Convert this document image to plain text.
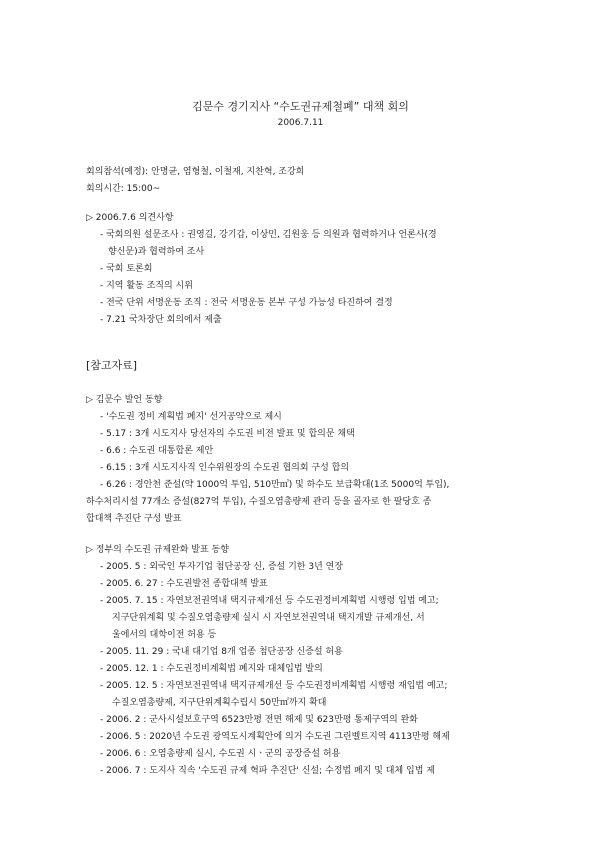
김문수 경기지사 “수도권규제철폐” 대책 회의
2006.7.11
회의참석(예정): 안명균, 염형철, 이철재, 지찬혁, 조강희
회의시간: 15:00~
▷ 2006.7.6 의견사항
- 국회의원 설문조사 : 권영길, 강기갑, 이상민, 김원웅 등 의원과 협력하거나 언론사(경
향신문)과 협력하여 조사
- 국회 토론회
- 지역 활동 조직의 시위
- 전국 단위 서명운동 조직 : 전국 서명운동 본부 구성 가능성 타진하여 결정
- 7.21 국차장단 회의에서 제출
[참고자료]
▷ 김문수 발언 동향
- '수도권 정비 계획법 폐지' 선거공약으로 제시
- 5.17 : 3개 시도지사 당선자의 수도권 비전 발표 및 합의문 채택
- 6.6 : 수도권 대통합론 제안
- 6.15 : 3개 시도지사직 인수위원장의 수도권 협의회 구성 합의
- 6.26 : 경안천 준설(약 1000억 투입, 510만㎥) 및 하수도 보급확대(1조 5000억 투입),
하수처리시설 77개소 증설(827억 투입), 수질오염총량제 관리 등을 골자로 한 팔당호 종
합대책 추진단 구성 발표
▷ 정부의 수도권 규제완화 발표 동향
- 2005. 5 : 외국인 투자기업 첨단공장 신, 증설 기한 3년 연장
- 2005. 6. 27 : 수도권발전 종합대책 발표
- 2005. 7. 15 : 자연보전권역내 택지규제개선 등 수도권정비계획법 시행령 입법 예고;
지구단위계획 및 수질오염총량제 실시 시 자연보전권역내 택지개발 규제개선, 서
울에서의 대학이전 허용 등
- 2005. 11. 29 : 국내 대기업 8개 업종 첨단공장 신증설 허용
- 2005. 12. 1 : 수도권정비계획법 폐지와 대체입법 발의
- 2005. 12. 5 : 자연보전권역내 택지규제개선 등 수도권정비계획법 시행령 재입법 예고;
수질오염총량제, 지구단위계획수립시 50만㎡까지 확대
- 2006. 2 : 군사시설보호구역 6523만평 전면 해제 및 623만평 통제구역의 완화
- 2006. 5 : 2020년 수도권 광역도시계획안에 의거 수도권 그린벨트지역 4113만평 해제
- 2006. 6 : 오염총량제 실시, 수도권 시ㆍ군의 공장증설 허용
- 2006. 7 : 도지사 직속 '수도권 규제 혁파 추진단' 신설; 수정법 폐지 및 대체 입법 제
